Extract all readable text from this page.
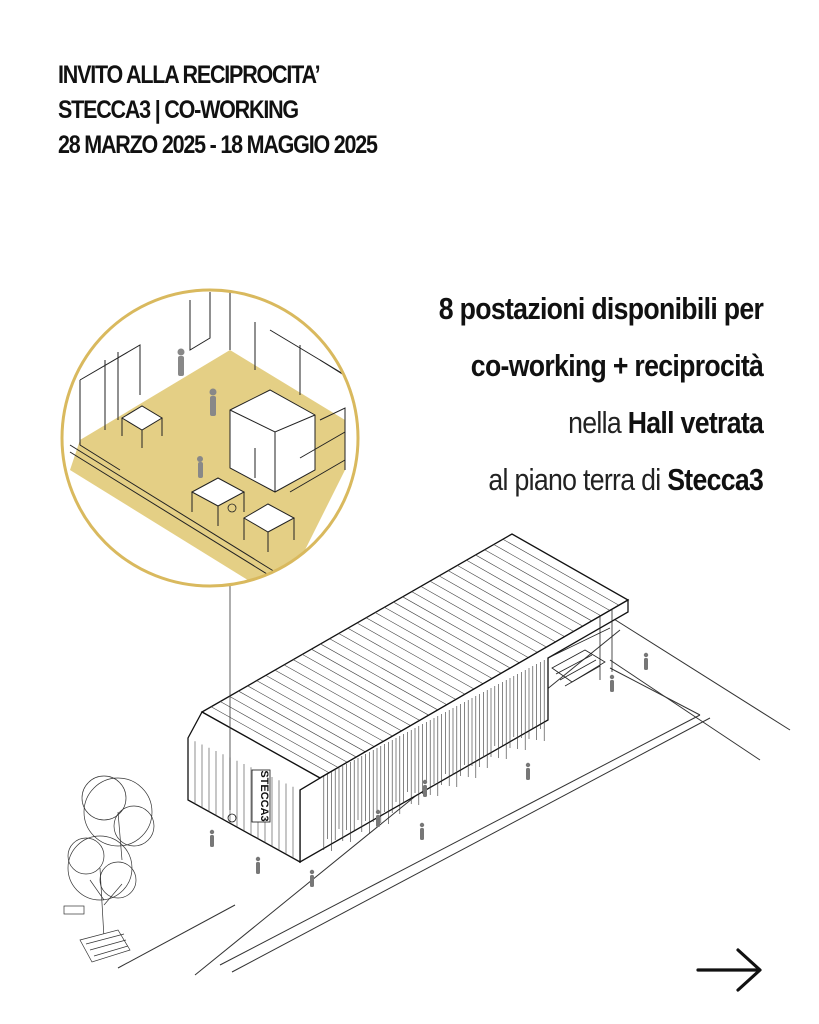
INVITO ALLA RECIPROCITA’
STECCA3 | CO-WORKING
28 MARZO 2025 - 18 MAGGIO 2025
8 postazioni disponibili per
co-working + reciprocità
nella Hall vetrata
al piano terra di Stecca3
STECCA3
